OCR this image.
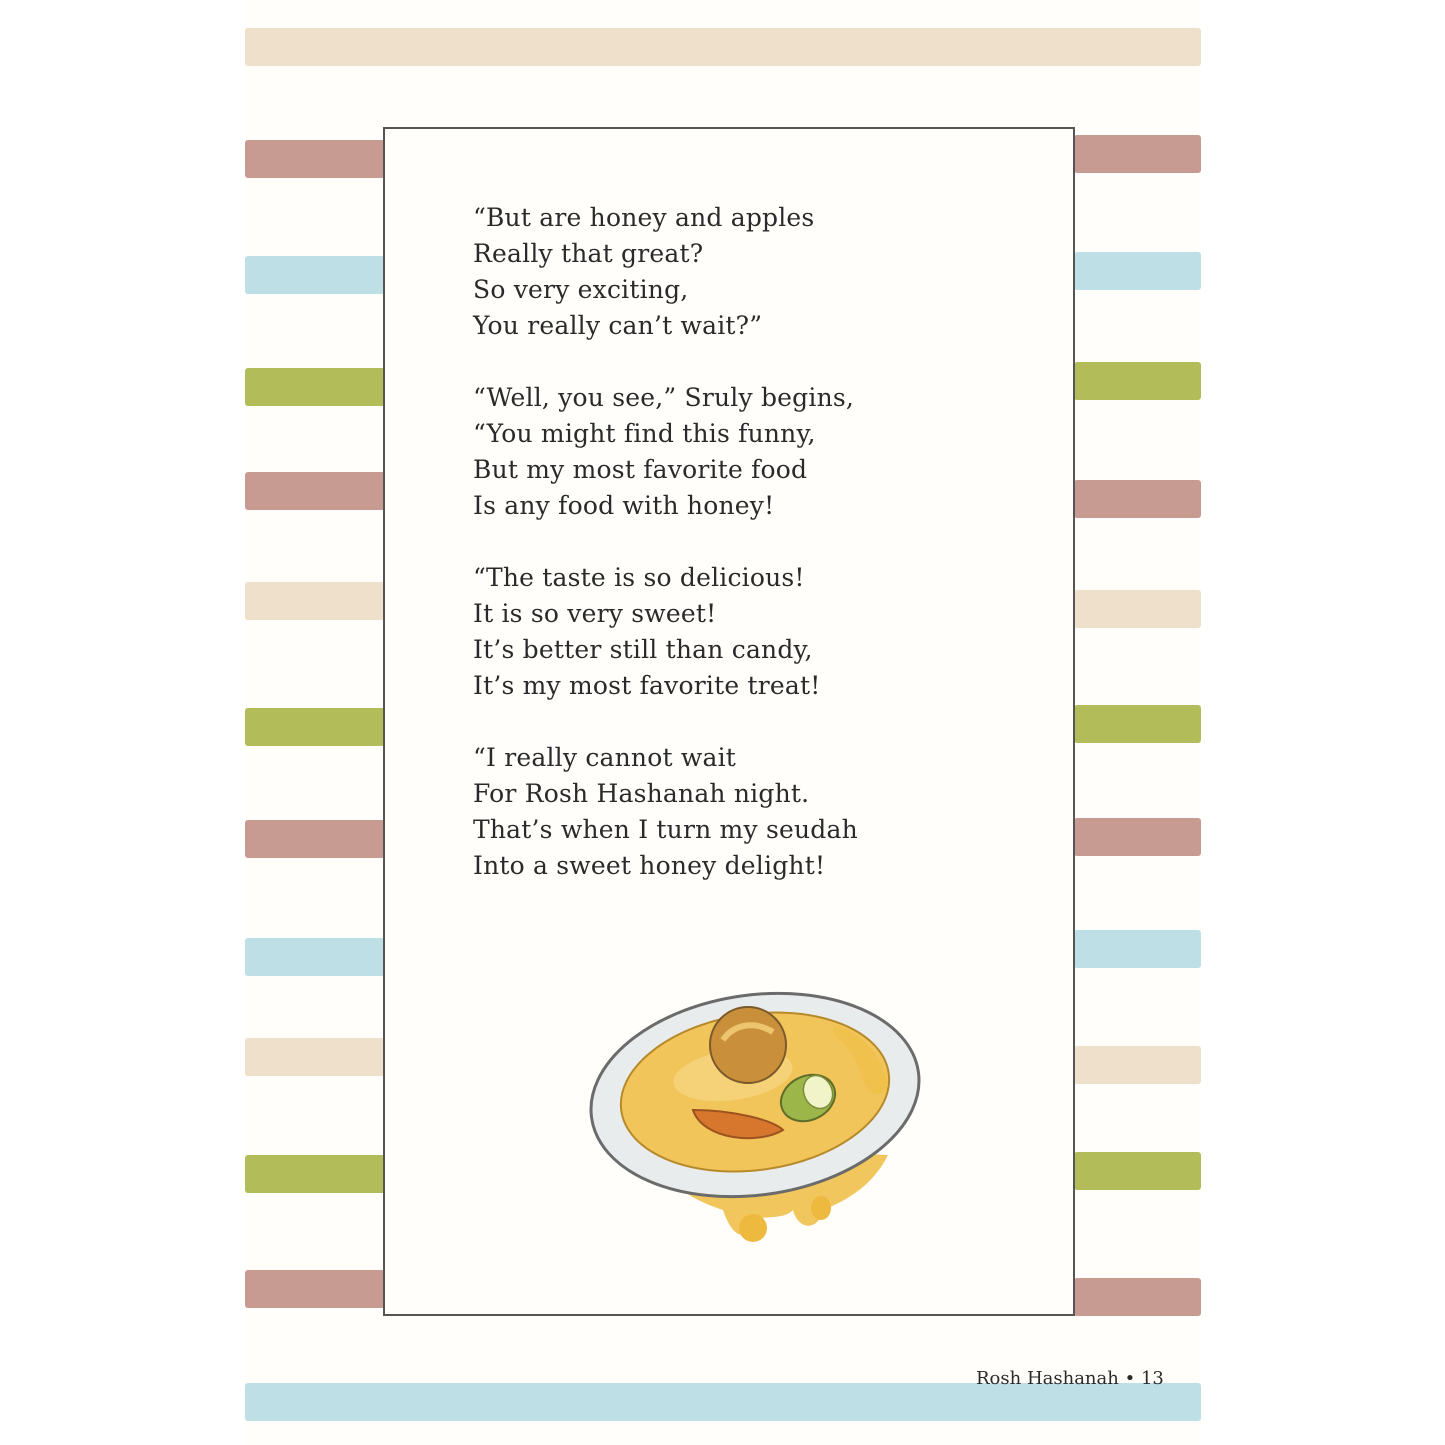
“But are honey and apples
Really that great?
So very exciting,
You really can’t wait?”
“Well, you see,” Sruly begins,
“You might find this funny,
But my most favorite food
Is any food with honey!
“The taste is so delicious!
It is so very sweet!
It’s better still than candy,
It’s my most favorite treat!
“I really cannot wait
For Rosh Hashanah night.
That’s when I turn my seudah
Into a sweet honey delight!
Rosh Hashanah • 13
